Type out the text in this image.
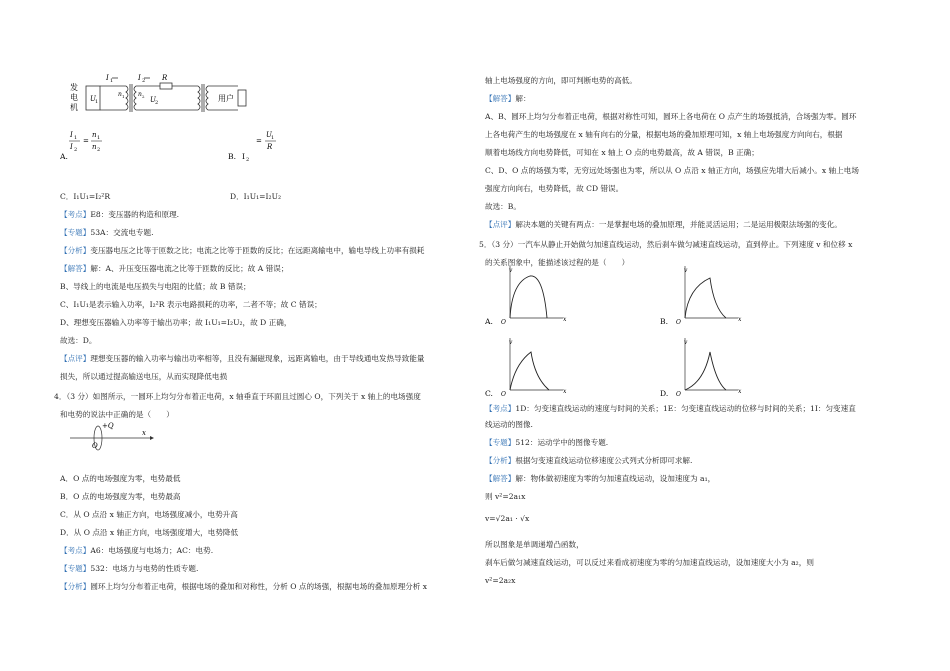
发
电
机
U 1
I 1
n 1 n 2
I 2 R
U 2	用户
I 1
I 2
=
n 1
n 2
A.
=
U 1
R
B. I 2
C．I₁U₁=I₂²R	D．I₁U₁=I₂U₂
【考点】E8：变压器的构造和原理.
【专题】53A：交流电专题.
【分析】变压器电压之比等于匝数之比；电流之比等于匝数的反比；在远距离输电中，输电导线上功率有损耗
【解答】解：A、升压变压器电流之比等于匝数的反比；故 A 错误；
B、导线上的电流是电压损失与电阻的比值；故 B 错误；
C、I₁U₁是表示输入功率，I₂²R 表示电路损耗的功率，二者不等；故 C 错误；
D、理想变压器输入功率等于输出功率；故 I₁U₁=I₂U₂，故 D 正确，
故选：D。
【点评】理想变压器的输入功率与输出功率相等，且没有漏磁现象，远距离输电，由于导线通电发热导致能量
损失，所以通过提高输送电压，从而实现降低电损
4．（3 分）如图所示，一圆环上均匀分布着正电荷，x 轴垂直于环面且过圆心 O，下列关于 x 轴上的电场强度
和电势的说法中正确的是（　　）
+Q
O
x
A．O 点的电场强度为零，电势最低
B．O 点的电场强度为零，电势最高
C．从 O 点沿 x 轴正方向，电场强度减小，电势升高
D．从 O 点沿 x 轴正方向，电场强度增大，电势降低
【考点】A6：电场强度与电场力；AC：电势.
【专题】532：电场力与电势的性质专题.
【分析】圆环上均匀分布着正电荷，根据电场的叠加和对称性，分析 O 点的场强，根据电场的叠加原理分析 x
轴上电场强度的方向，即可判断电势的高低。
【解答】解：
A、B、圆环上均匀分布着正电荷，根据对称性可知，圆环上各电荷在 O 点产生的场强抵消，合场强为零。圆环
上各电荷产生的电场强度在 x 轴有向右的分量，根据电场的叠加原理可知，x 轴上电场强度方向向右，根据
顺着电场线方向电势降低，可知在 x 轴上 O 点的电势最高，故 A 错误，B 正确；
C、D、O 点的场强为零，无穷远处场强也为零，所以从 O 点沿 x 轴正方向，场强应先增大后减小。x 轴上电场
强度方向向右，电势降低，故 CD 错误。
故选：B。
【点评】解决本题的关键有两点：一是掌握电场的叠加原理，并能灵活运用；二是运用极限法场强的变化。
5．（3 分）一汽车从静止开始做匀加速直线运动，然后刹车做匀减速直线运动，直到停止。下列速度 v 和位移 x
的关系图象中，能描述该过程的是（　　）
v
O	x
A.
v
O	x
B.
v
O	x
C.
v
O	x
D.
【考点】1D：匀变速直线运动的速度与时间的关系；1E：匀变速直线运动的位移与时间的关系；1I：匀变速直
线运动的图像.
【专题】512：运动学中的图像专题.
【分析】根据匀变速直线运动位移速度公式列式分析即可求解.
【解答】解：物体做初速度为零的匀加速直线运动，设加速度为 a₁，
则 v²=2a₁x
v=√2a₁ · √x
所以图象是单调递增凸函数，
刹车后做匀减速直线运动，可以反过来看成初速度为零的匀加速直线运动，设加速度大小为 a₂，则
v²=2a₂x
